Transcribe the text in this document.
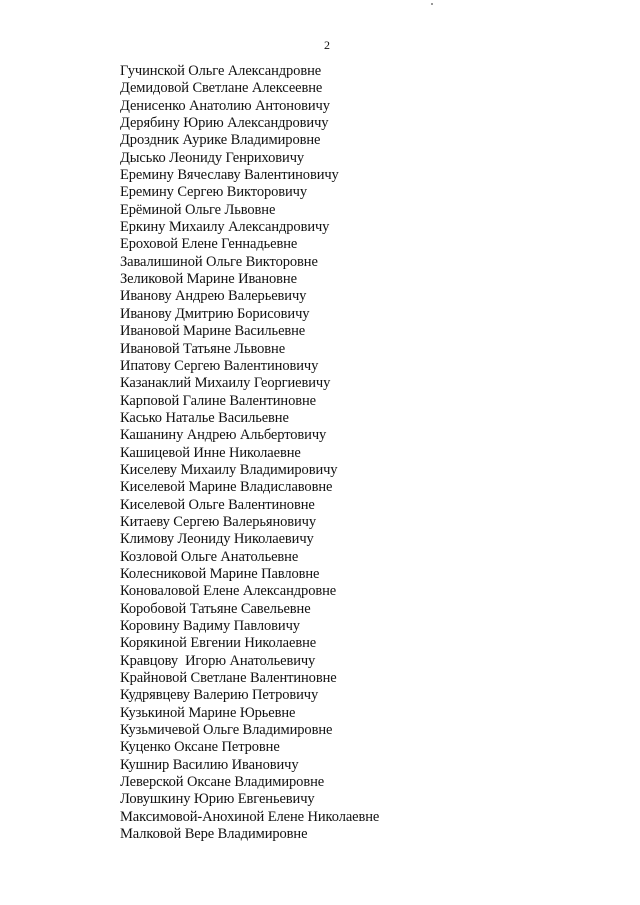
2
Гучинской Ольге Александровне
Демидовой Светлане Алексеевне
Денисенко Анатолию Антоновичу
Дерябину Юрию Александровичу
Дроздник Аурике Владимировне
Дысько Леониду Генриховичу
Еремину Вячеславу Валентиновичу
Еремину Сергею Викторовичу
Ерёминой Ольге Львовне
Еркину Михаилу Александровичу
Ероховой Елене Геннадьевне
Завалишиной Ольге Викторовне
Зеликовой Марине Ивановне
Иванову Андрею Валерьевичу
Иванову Дмитрию Борисовичу
Ивановой Марине Васильевне
Ивановой Татьяне Львовне
Ипатову Сергею Валентиновичу
Казанаклий Михаилу Георгиевичу
Карповой Галине Валентиновне
Касько Наталье Васильевне
Кашанину Андрею Альбертовичу
Кашицевой Инне Николаевне
Киселеву Михаилу Владимировичу
Киселевой Марине Владиславовне
Киселевой Ольге Валентиновне
Китаеву Сергею Валерьяновичу
Климову Леониду Николаевичу
Козловой Ольге Анатольевне
Колесниковой Марине Павловне
Коноваловой Елене Александровне
Коробовой Татьяне Савельевне
Коровину Вадиму Павловичу
Корякиной Евгении Николаевне
Кравцову  Игорю Анатольевичу
Крайновой Светлане Валентиновне
Кудрявцеву Валерию Петровичу
Кузькиной Марине Юрьевне
Кузьмичевой Ольге Владимировне
Куценко Оксане Петровне
Кушнир Василию Ивановичу
Леверской Оксане Владимировне
Ловушкину Юрию Евгеньевичу
Максимовой-Анохиной Елене Николаевне
Малковой Вере Владимировне
